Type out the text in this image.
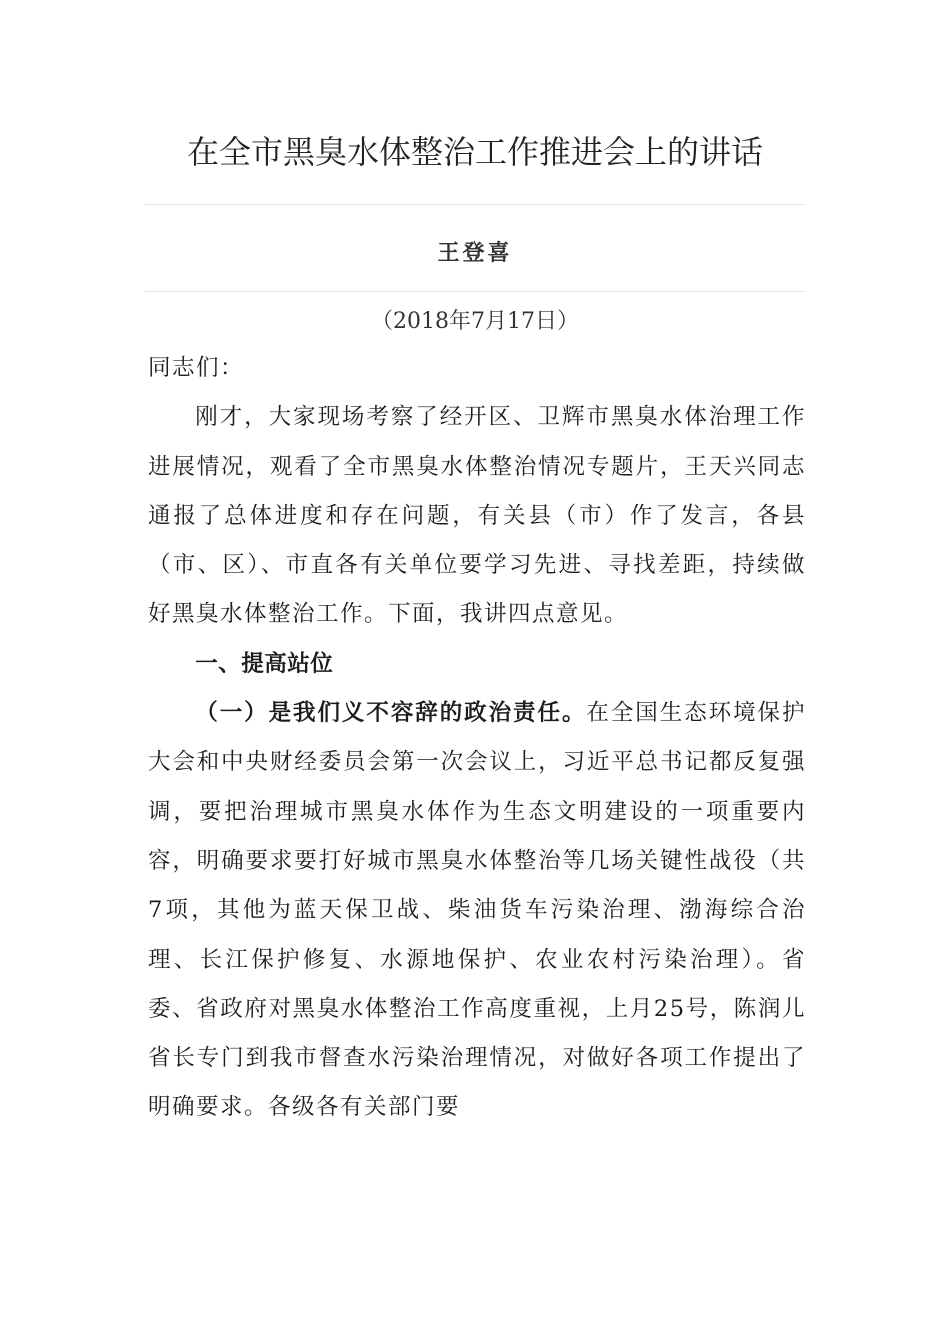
在全市黑臭水体整治工作推进会上的讲话
王登喜
（2018年7月17日）

同志们：

刚才，大家现场考察了经开区、卫辉市黑臭水体治理工作进展情况，观看了全市黑臭水体整治情况专题片，王天兴同志通报了总体进度和存在问题，有关县（市）作了发言，各县（市、区）、市直各有关单位要学习先进、寻找差距，持续做好黑臭水体整治工作。下面，我讲四点意见。

一、提高站位

（一）是我们义不容辞的政治责任。在全国生态环境保护大会和中央财经委员会第一次会议上，习近平总书记都反复强调，要把治理城市黑臭水体作为生态文明建设的一项重要内容，明确要求要打好城市黑臭水体整治等几场关键性战役（共7项，其他为蓝天保卫战、柴油货车污染治理、渤海综合治理、长江保护修复、水源地保护、农业农村污染治理）。省委、省政府对黑臭水体整治工作高度重视，上月25号，陈润儿省长专门到我市督查水污染治理情况，对做好各项工作提出了明确要求。各级各有关部门要
